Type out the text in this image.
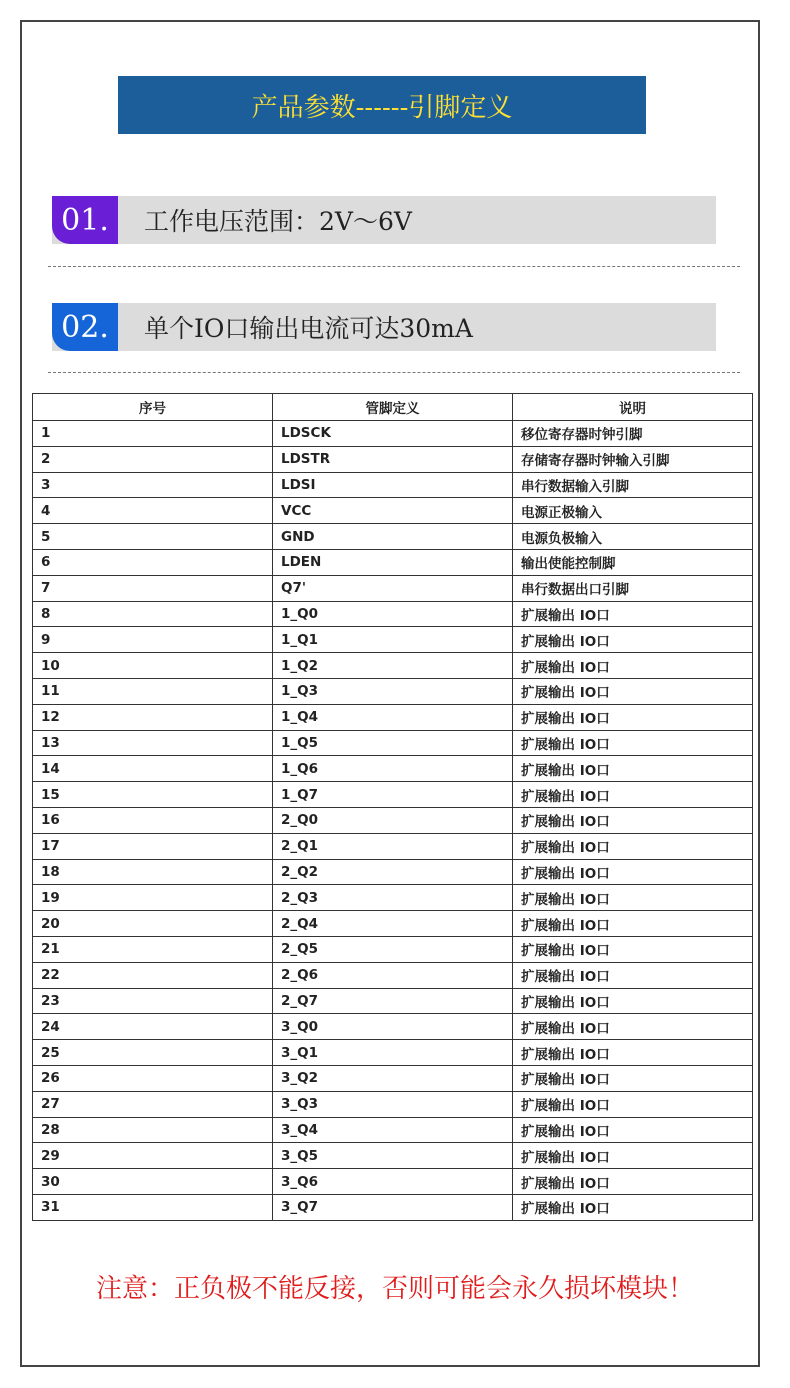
产品参数------引脚定义
01.	工作电压范围：2V～6V
02.	单个IO口输出电流可达30mA
序号	管脚定义	说明
1	LDSCK	移位寄存器时钟引脚
2	LDSTR	存储寄存器时钟输入引脚
3	LDSI	串行数据输入引脚
4	VCC	电源正极输入
5	GND	电源负极输入
6	LDEN	输出使能控制脚
7	Q7'	串行数据出口引脚
8	1_Q0	扩展输出 IO口
9	1_Q1	扩展输出 IO口
10	1_Q2	扩展输出 IO口
11	1_Q3	扩展输出 IO口
12	1_Q4	扩展输出 IO口
13	1_Q5	扩展输出 IO口
14	1_Q6	扩展输出 IO口
15	1_Q7	扩展输出 IO口
16	2_Q0	扩展输出 IO口
17	2_Q1	扩展输出 IO口
18	2_Q2	扩展输出 IO口
19	2_Q3	扩展输出 IO口
20	2_Q4	扩展输出 IO口
21	2_Q5	扩展输出 IO口
22	2_Q6	扩展输出 IO口
23	2_Q7	扩展输出 IO口
24	3_Q0	扩展输出 IO口
25	3_Q1	扩展输出 IO口
26	3_Q2	扩展输出 IO口
27	3_Q3	扩展输出 IO口
28	3_Q4	扩展输出 IO口
29	3_Q5	扩展输出 IO口
30	3_Q6	扩展输出 IO口
31	3_Q7	扩展输出 IO口
注意：正负极不能反接，否则可能会永久损坏模块！
